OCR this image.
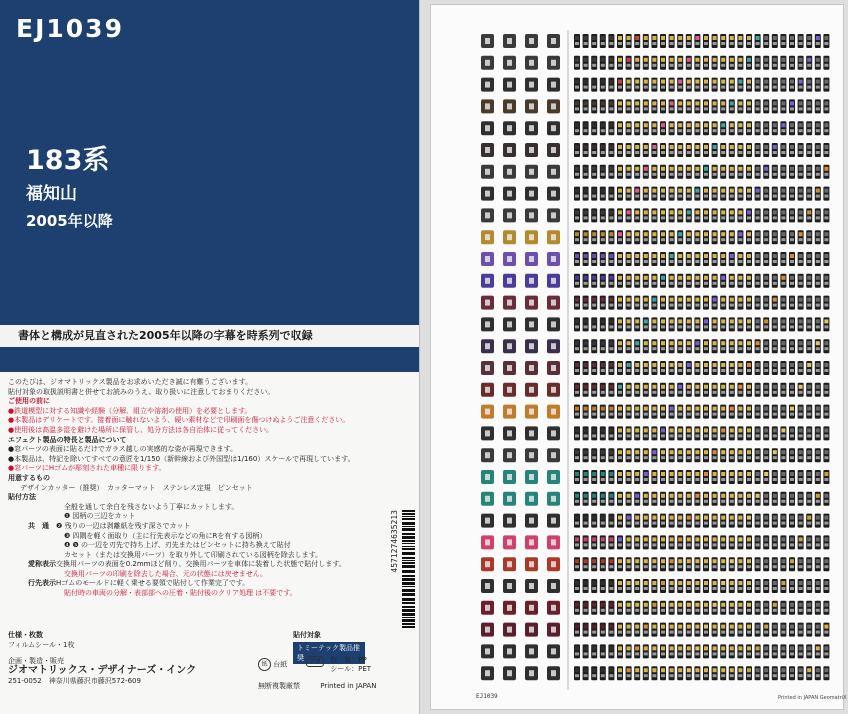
EJ1039
183系
福知山
2005年以降
書体と構成が見直された2005年以降の字幕を時系列で収録
このたびは、ジオマトリックス製品をお求めいただき誠に有難うございます。
貼付対象の取扱説明書と併せてお読みのうえ、取り扱いに注意しておまりください。
ご使用の前に
●鉄道模型に対する知識や経験（分解、組立や溶剤の使用）を必要とします。
●本製品はデリケートです。接着面に触れないよう、硬い素材などで印刷面を傷つけぬようご注意ください。
●使用後は高温多湿を避けた場所に保管し、処分方法は各自治体に従ってください。
エフェクト製品の特長と製品について
●窓パーツの表面に貼るだけでガラス越しの実感的な姿が再現できます。
●本製品は、特記を除いてすべての意匠を1/150（新幹線および外国型は1/160）スケールで再現しています。
●窓パーツにHゴムが彫刻された車種に限ります。
用意するもの
デザインカッター（推奨）　カッターマット　ステンレス定規　ピンセット
貼付方法
全般を通して余白を残さないよう丁寧にカットします。
❶ 図柄の三辺をカット
共　通 ❷ 残りの一辺は剥離紙を残す深さでカット
❸ 四隅を軽く面取り（主に行先表示などの角にRを有する図柄）
❹ ❺ の一辺を刃先で持ち上げ、刃先またはピンセットに持ち換えて貼付
カセット（または交換用パーツ）を取り外して印刷されている図柄を除去します。
愛称表示交換用パーツの表面を0.2mmほど削り、交換用パーツを車体に装着した状態で貼付します。
交換用パーツの印刷を除去した場合、元の状態には戻せません。
行先表示Hゴムのモールドに軽く乗せる要領で貼付して作業完了です。
貼付時の車両の分解・表部部への圧着・貼付後のクリア処理 は不要です。
4571274635213
仕様・枚数
フィルムシール・1枚
貼付対象
トミーテック製品推奨
企画・製造・販売
ジオマトリックス・デザイナーズ・インク
251-0052　神奈川県藤沢市藤沢572-609
紙 台紙	プラ 包　装：PP
シール：PET
無断複製厳禁	Printed in JAPAN
EJ1039	Printed in JAPAN GeomatriX
